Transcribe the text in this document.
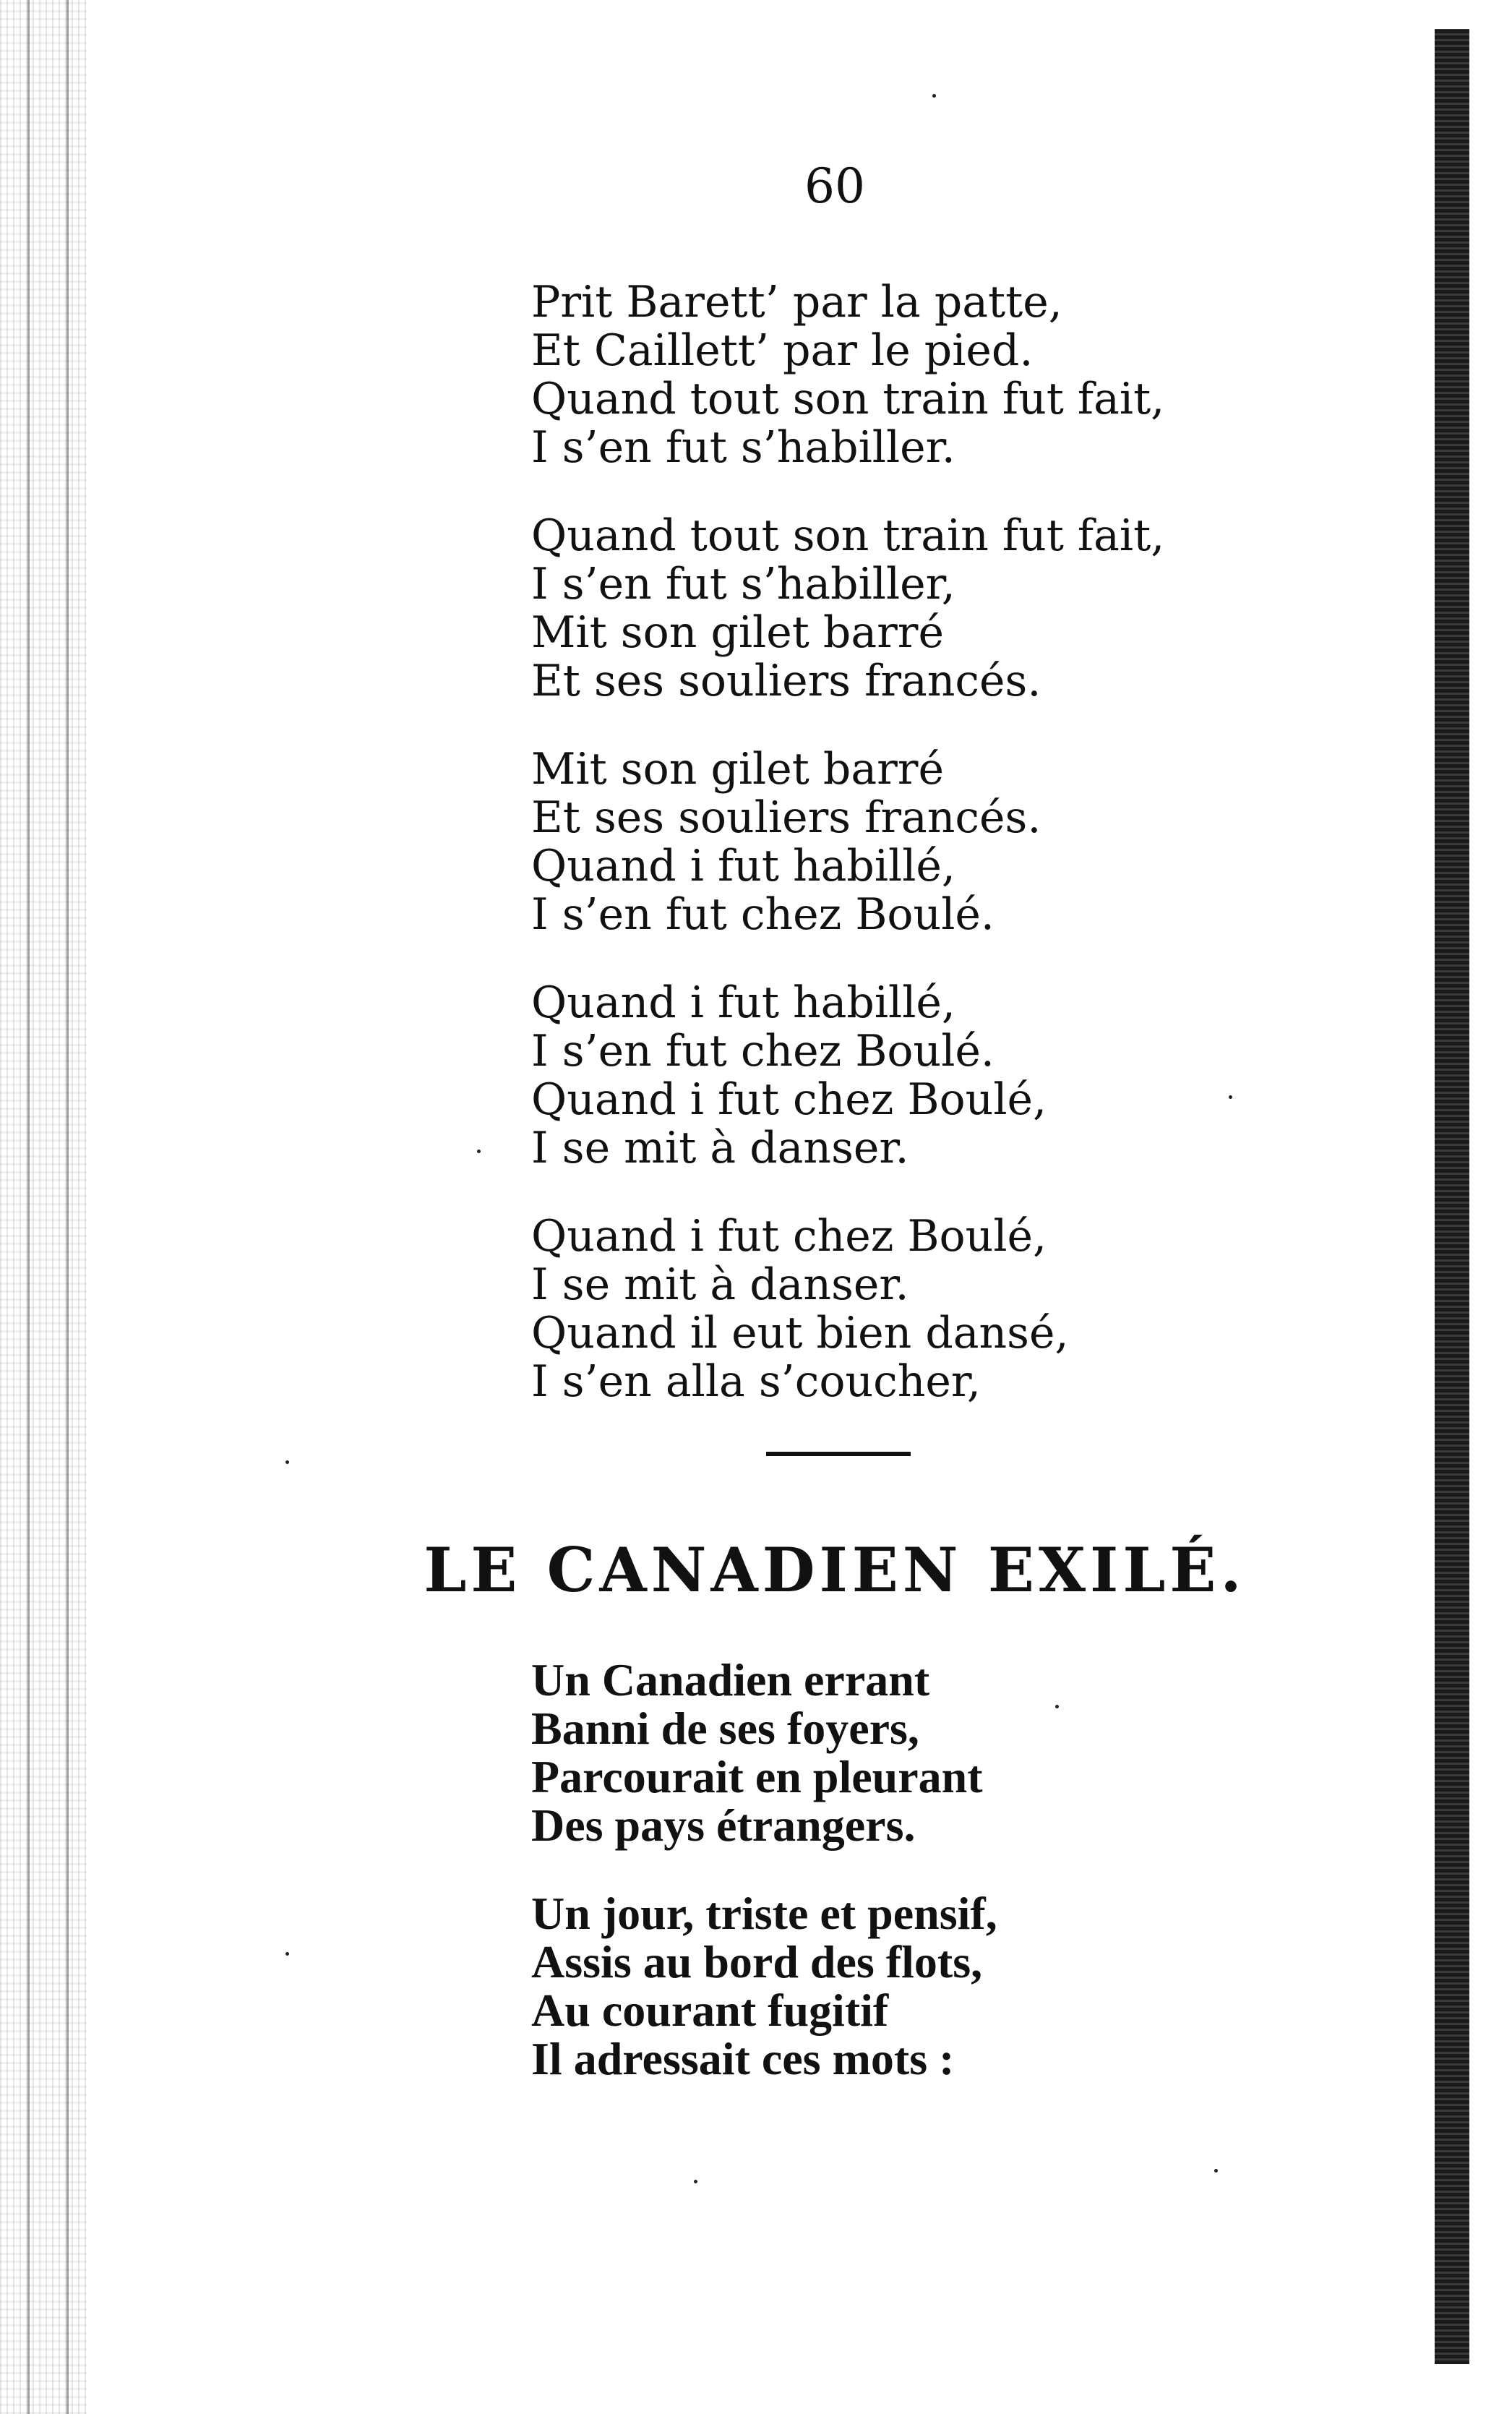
60
Prit Barett’ par la patte,
Et Caillett’ par le pied.
Quand tout son train fut fait,
I s’en fut s’habiller.
Quand tout son train fut fait,
I s’en fut s’habiller,
Mit son gilet barré
Et ses souliers francés.
Mit son gilet barré
Et ses souliers francés.
Quand i fut habillé,
I s’en fut chez Boulé.
Quand i fut habillé,
I s’en fut chez Boulé.
Quand i fut chez Boulé,
I se mit à danser.
Quand i fut chez Boulé,
I se mit à danser.
Quand il eut bien dansé,
I s’en alla s’coucher,
LE CANADIEN EXILÉ.
Un Canadien errant
Banni de ses foyers,
Parcourait en pleurant
Des pays étrangers.
Un jour, triste et pensif,
Assis au bord des flots,
Au courant fugitif
Il adressait ces mots :
